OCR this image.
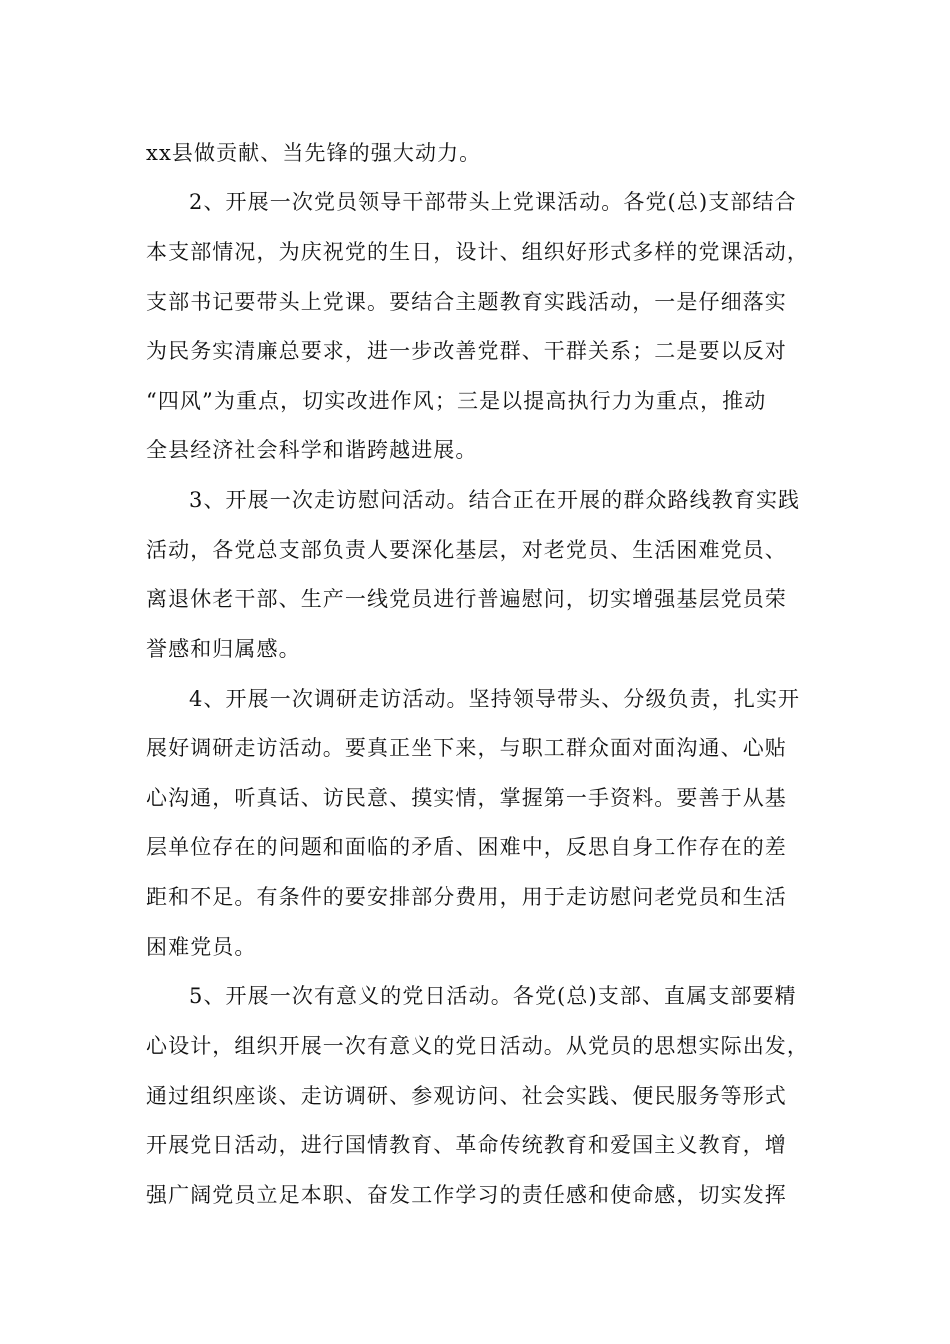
xx县做贡献、当先锋的强大动力。
2、开展一次党员领导干部带头上党课活动。各党(总)支部结合
本支部情况，为庆祝党的生日，设计、组织好形式多样的党课活动，
支部书记要带头上党课。要结合主题教育实践活动，一是仔细落实
为民务实清廉总要求，进一步改善党群、干群关系；二是要以反对
“四风”为重点，切实改进作风；三是以提高执行力为重点，推动
全县经济社会科学和谐跨越进展。
3、开展一次走访慰问活动。结合正在开展的群众路线教育实践
活动，各党总支部负责人要深化基层，对老党员、生活困难党员、
离退休老干部、生产一线党员进行普遍慰问，切实增强基层党员荣
誉感和归属感。
4、开展一次调研走访活动。坚持领导带头、分级负责，扎实开
展好调研走访活动。要真正坐下来，与职工群众面对面沟通、心贴
心沟通，听真话、访民意、摸实情，掌握第一手资料。要善于从基
层单位存在的问题和面临的矛盾、困难中，反思自身工作存在的差
距和不足。有条件的要安排部分费用，用于走访慰问老党员和生活
困难党员。
5、开展一次有意义的党日活动。各党(总)支部、直属支部要精
心设计，组织开展一次有意义的党日活动。从党员的思想实际出发，
通过组织座谈、走访调研、参观访问、社会实践、便民服务等形式
开展党日活动，进行国情教育、革命传统教育和爱国主义教育，增
强广阔党员立足本职、奋发工作学习的责任感和使命感，切实发挥
